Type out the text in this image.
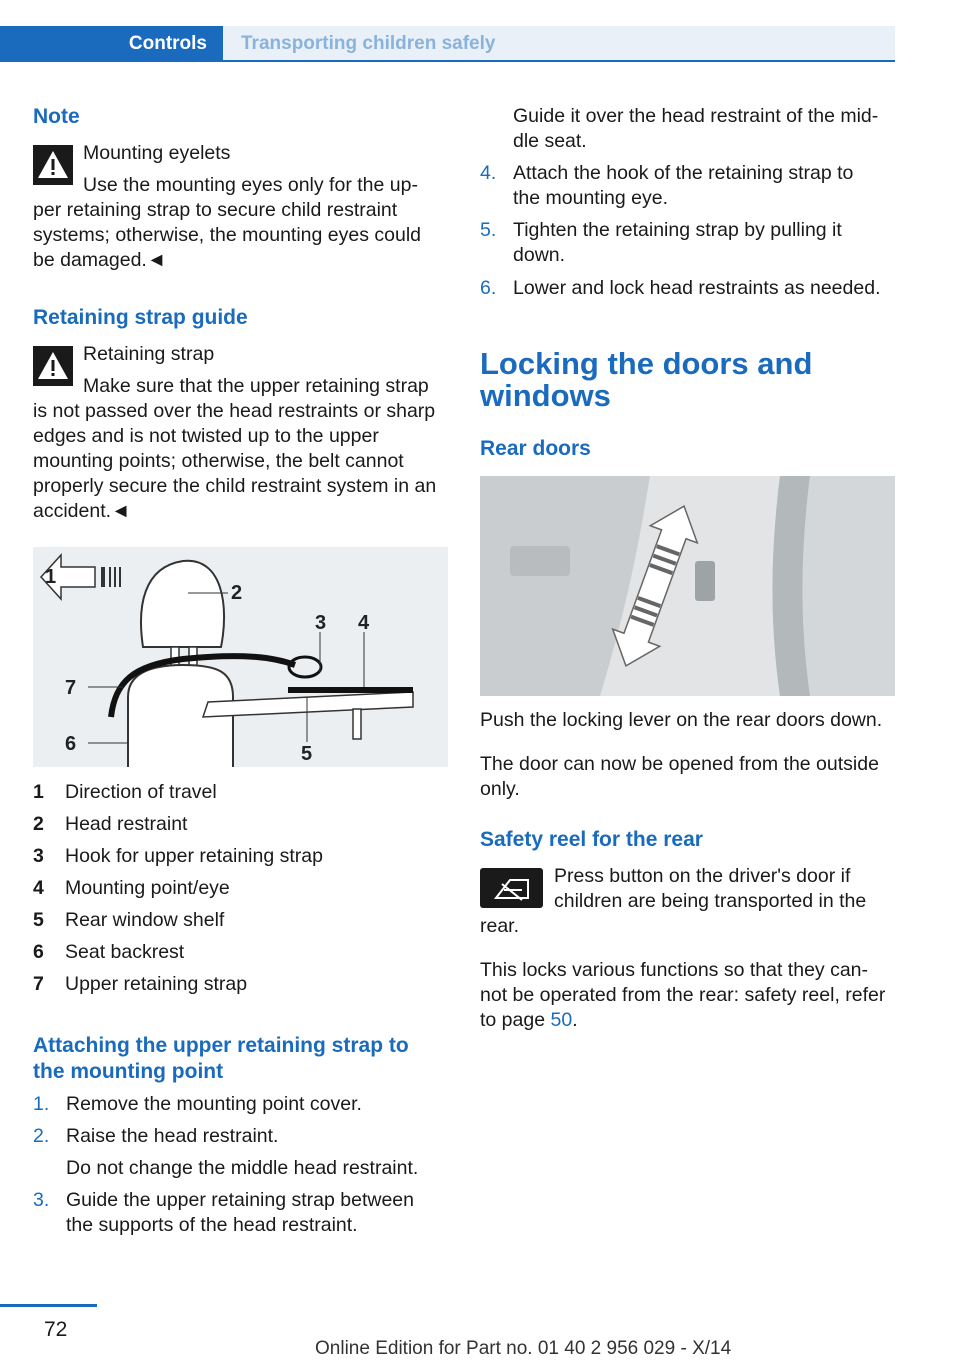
Controls	Transporting children safely

Note

Mounting eyelets

Use the mounting eyes only for the up-

per retaining strap to secure child restraint

systems; otherwise, the mounting eyes could

be damaged.◄

Retaining strap guide

Retaining strap

Make sure that the upper retaining strap

is not passed over the head restraints or sharp

edges and is not twisted up to the upper

mounting points; otherwise, the belt cannot

properly secure the child restraint system in an

accident.◄

1
2
3 4
5
6
7
1 Direction of travel
2 Head restraint
3 Hook for upper retaining strap
4 Mounting point/eye
5 Rear window shelf
6 Seat backrest
7 Upper retaining strap

Attaching the upper retaining strap to

the mounting point

1. Remove the mounting point cover.
2. Raise the head restraint.
Do not change the middle head restraint.
3. Guide the upper retaining strap between
the supports of the head restraint.
Guide it over the head restraint of the mid-
dle seat.
4. Attach the hook of the retaining strap to
the mounting eye.
5. Tighten the retaining strap by pulling it
down.
6. Lower and lock head restraints as needed.

Locking the doors and

windows

Rear doors

Push the locking lever on the rear doors down.

The door can now be opened from the outside

only.

Safety reel for the rear

Press button on the driver's door if

children are being transported in the

rear.

This locks various functions so that they can-

not be operated from the rear: safety reel, refer

to page 50.

72
Online Edition for Part no. 01 40 2 956 029 - X/14
